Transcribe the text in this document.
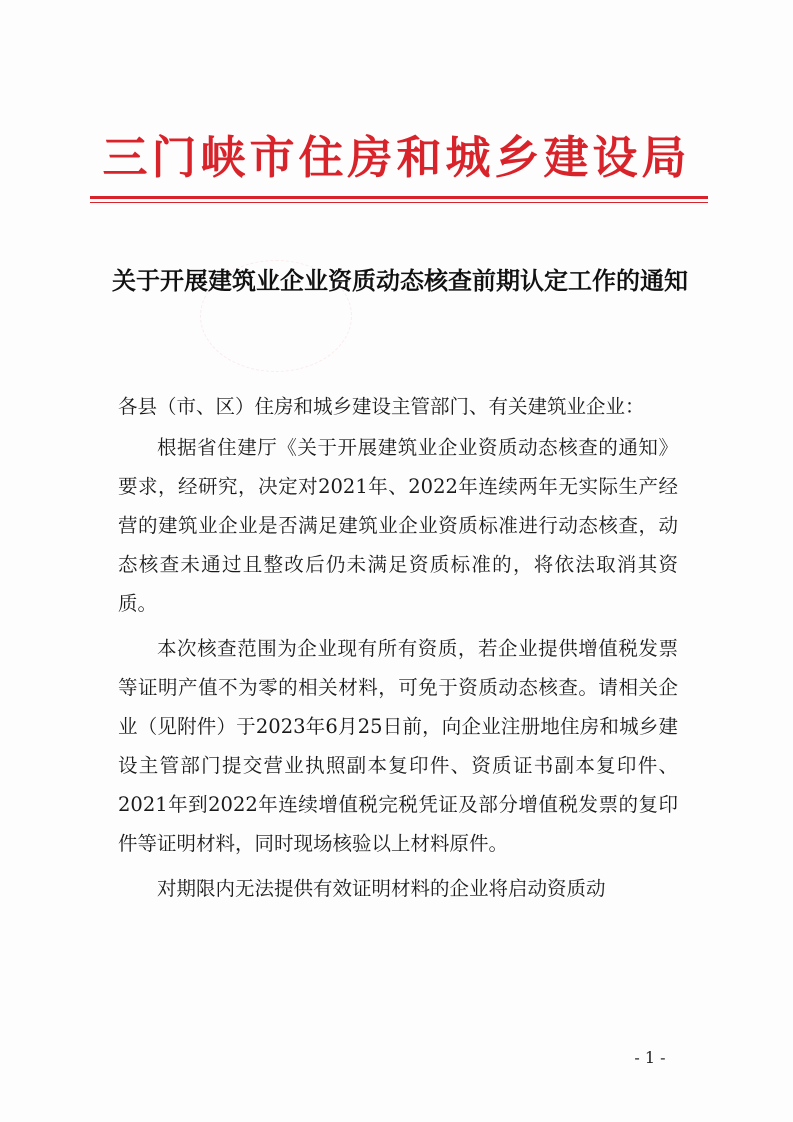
三门峡市住房和城乡建设局
关于开展建筑业企业资质动态核查前期认定工作的通知

各县（市、区）住房和城乡建设主管部门、有关建筑业企业：

根据省住建厅《关于开展建筑业企业资质动态核查的通知》要求，经研究，决定对2021年、2022年连续两年无实际生产经营的建筑业企业是否满足建筑业企业资质标准进行动态核查，动态核查未通过且整改后仍未满足资质标准的，将依法取消其资质。

本次核查范围为企业现有所有资质，若企业提供增值税发票等证明产值不为零的相关材料，可免于资质动态核查。请相关企业（见附件）于2023年6月25日前，向企业注册地住房和城乡建设主管部门提交营业执照副本复印件、资质证书副本复印件、2021年到2022年连续增值税完税凭证及部分增值税发票的复印件等证明材料，同时现场核验以上材料原件。

对期限内无法提供有效证明材料的企业将启动资质动

- 1 -
